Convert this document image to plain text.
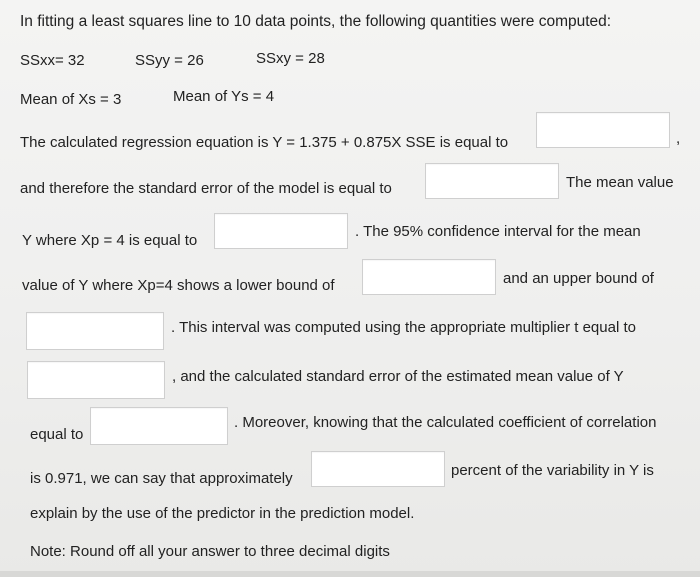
In fitting a least squares line to 10 data points, the following quantities were computed:
SSxx= 32	SSyy = 26	SSxy = 28
Mean of Xs = 3	Mean of Ys = 4
The calculated regression equation is Y = 1.375 + 0.875X SSE is equal to	,
and therefore the standard error of the model is equal to	The mean value
Y where Xp = 4 is equal to
. The 95% confidence interval for the mean
value of Y where Xp=4 shows a lower bound of	and an upper bound of
. This interval was computed using the appropriate multiplier t equal to
, and the calculated standard error of the estimated mean value of Y
equal to
. Moreover, knowing that the calculated coefficient of correlation
is 0.971, we can say that approximately	percent of the variability in Y is
explain by the use of the predictor in the prediction model.
Note: Round off all your answer to three decimal digits
